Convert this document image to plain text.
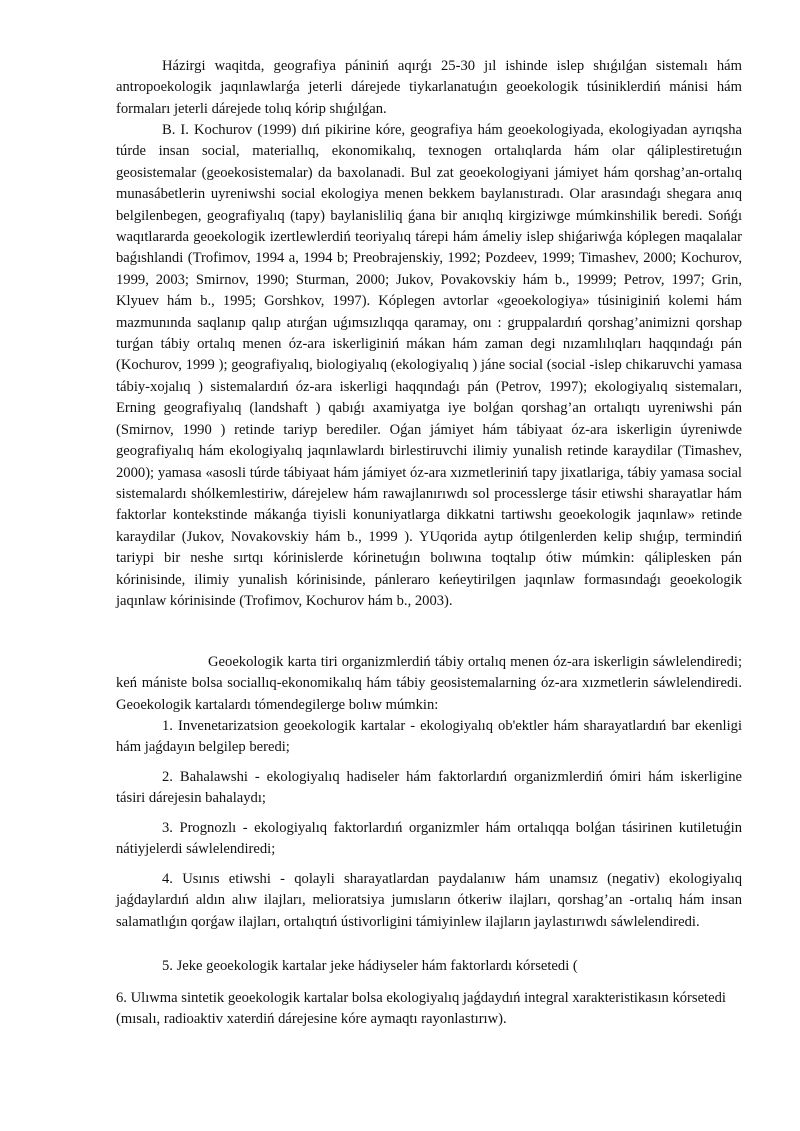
Házirgi waqitda, geografiya pániniń aqırǵı 25-30 jıl ishinde islep shıǵılǵan sistemalı hám antropoekologik jaqınlawlarǵa jeterli dárejede tiykarlanatuǵın geoekologik túsiniklerdiń mánisi hám formaları jeterli dárejede tolıq kórip shıǵılǵan.

B. I. Kochurov (1999) dıń pikirine kóre, geografiya hám geoekologiyada, ekologiyadan ayrıqsha túrde insan social, materiallıq, ekonomikalıq, texnogen ortalıqlarda hám olar qáliplestiretuǵın geosistemalar (geoekosistemalar) da baxolanadi. Bul zat geoekologiyani jámiyet hám qorshag’an-ortalıq munasábetlerin uyreniwshi social ekologiya menen bekkem baylanıstıradı. Olar arasındaǵı shegara anıq belgilenbegen, geografiyalıq (tapy) baylanisliliq ǵana bir anıqlıq kirgiziwge múmkinshilik beredi. Sońǵı waqıtlararda geoekologik izertlewlerdiń teoriyalıq tárepi hám ámeliy islep shiǵariwǵa kóplegen maqalalar baǵıshlandi (Trofimov, 1994 a, 1994 b; Preobrajenskiy, 1992; Pozdeev, 1999; Timashev, 2000; Kochurov, 1999, 2003; Smirnov, 1990; Sturman, 2000; Jukov, Povakovskiy hám b., 19999; Petrov, 1997; Grin, Klyuev hám b., 1995; Gorshkov, 1997). Kóplegen avtorlar «geoekologiya» túsiniginiń kolemi hám mazmunında saqlanıp qalıp atırǵan uǵımsızlıqqa qaramay, onı : gruppalardıń qorshag’animizni qorshap turǵan tábiy ortalıq menen óz-ara iskerliginiń mákan hám zaman degi nızamlılıqları haqqındaǵı pán (Kochurov, 1999 ); geografiyalıq, biologiyalıq (ekologiyalıq ) jáne social (social -islep chikaruvchi yamasa tábiy-xojalıq ) sistemalardıń óz-ara iskerligi haqqındaǵı pán (Petrov, 1997); ekologiyalıq sistemaları, Erning geografiyalıq (landshaft ) qabıǵı axamiyatga iye bolǵan qorshag’an ortalıqtı uyreniwshi pán (Smirnov, 1990 ) retinde tariyp berediler. Oǵan jámiyet hám tábiyaat óz-ara iskerligin úyreniwde geografiyalıq hám ekologiyalıq jaqınlawlardı birlestiruvchi ilimiy yunalish retinde karaydilar (Timashev, 2000); yamasa «asosli túrde tábiyaat hám jámiyet óz-ara xızmetleriniń tapy jixatlariga, tábiy yamasa social sistemalardı shólkemlestiriw, dárejelew hám rawajlanırıwdı sol processlerge tásir etiwshi sharayatlar hám faktorlar kontekstinde mákanǵa tiyisli konuniyatlarga dikkatni tartiwshı geoekologik jaqınlaw» retinde karaydilar (Jukov, Novakovskiy hám b., 1999 ). YUqorida aytıp ótilgenlerden kelip shıǵıp, termindiń tariypi bir neshe sırtqı kórinislerde kórinetuǵın bolıwına toqtalıp ótiw múmkin: qáliplesken pán kórinisinde, ilimiy yunalish kórinisinde, pánleraro keńeytirilgen jaqınlaw formasındaǵı geoekologik jaqınlaw kórinisinde (Trofimov, Kochurov hám b., 2003).

Geoekologik karta tiri organizmlerdiń tábiy ortalıq menen óz-ara iskerligin sáwlelendiredi; keń mániste bolsa sociallıq-ekonomikalıq hám tábiy geosistemalarning óz-ara xızmetlerin sáwlelendiredi. Geoekologik kartalardı tómendegilerge bolıw múmkin:

1. Invenetarizatsion geoekologik kartalar - ekologiyalıq ob'ektler hám sharayatlardıń bar ekenligi hám jaǵdayın belgilep beredi;

2. Bahalawshi - ekologiyalıq hadiseler hám faktorlardıń organizmlerdiń ómiri hám iskerligine tásiri dárejesin bahalaydı;

3. Prognozlı - ekologiyalıq faktorlardıń organizmler hám ortalıqqa bolǵan tásirinen kutiletuǵin nátiyjelerdi sáwlelendiredi;

4. Usınıs etiwshi - qolayli sharayatlardan paydalanıw hám unamsız (negativ) ekologiyalıq jaǵdaylardıń aldın alıw ilajları, melioratsiya jumısların ótkeriw ilajları, qorshag’an -ortalıq hám insan salamatlıǵın qorǵaw ilajları, ortalıqtıń ústivorligini támiyinlew ilajların jaylastırıwdı sáwlelendiredi.

5. Jeke geoekologik kartalar jeke hádiyseler hám faktorlardı kórsetedi (

6. Ulıwma sintetik geoekologik kartalar bolsa ekologiyalıq jaǵdaydıń integral xarakteristikasın kórsetedi (mısalı, radioaktiv xaterdiń dárejesine kóre aymaqtı rayonlastırıw).
